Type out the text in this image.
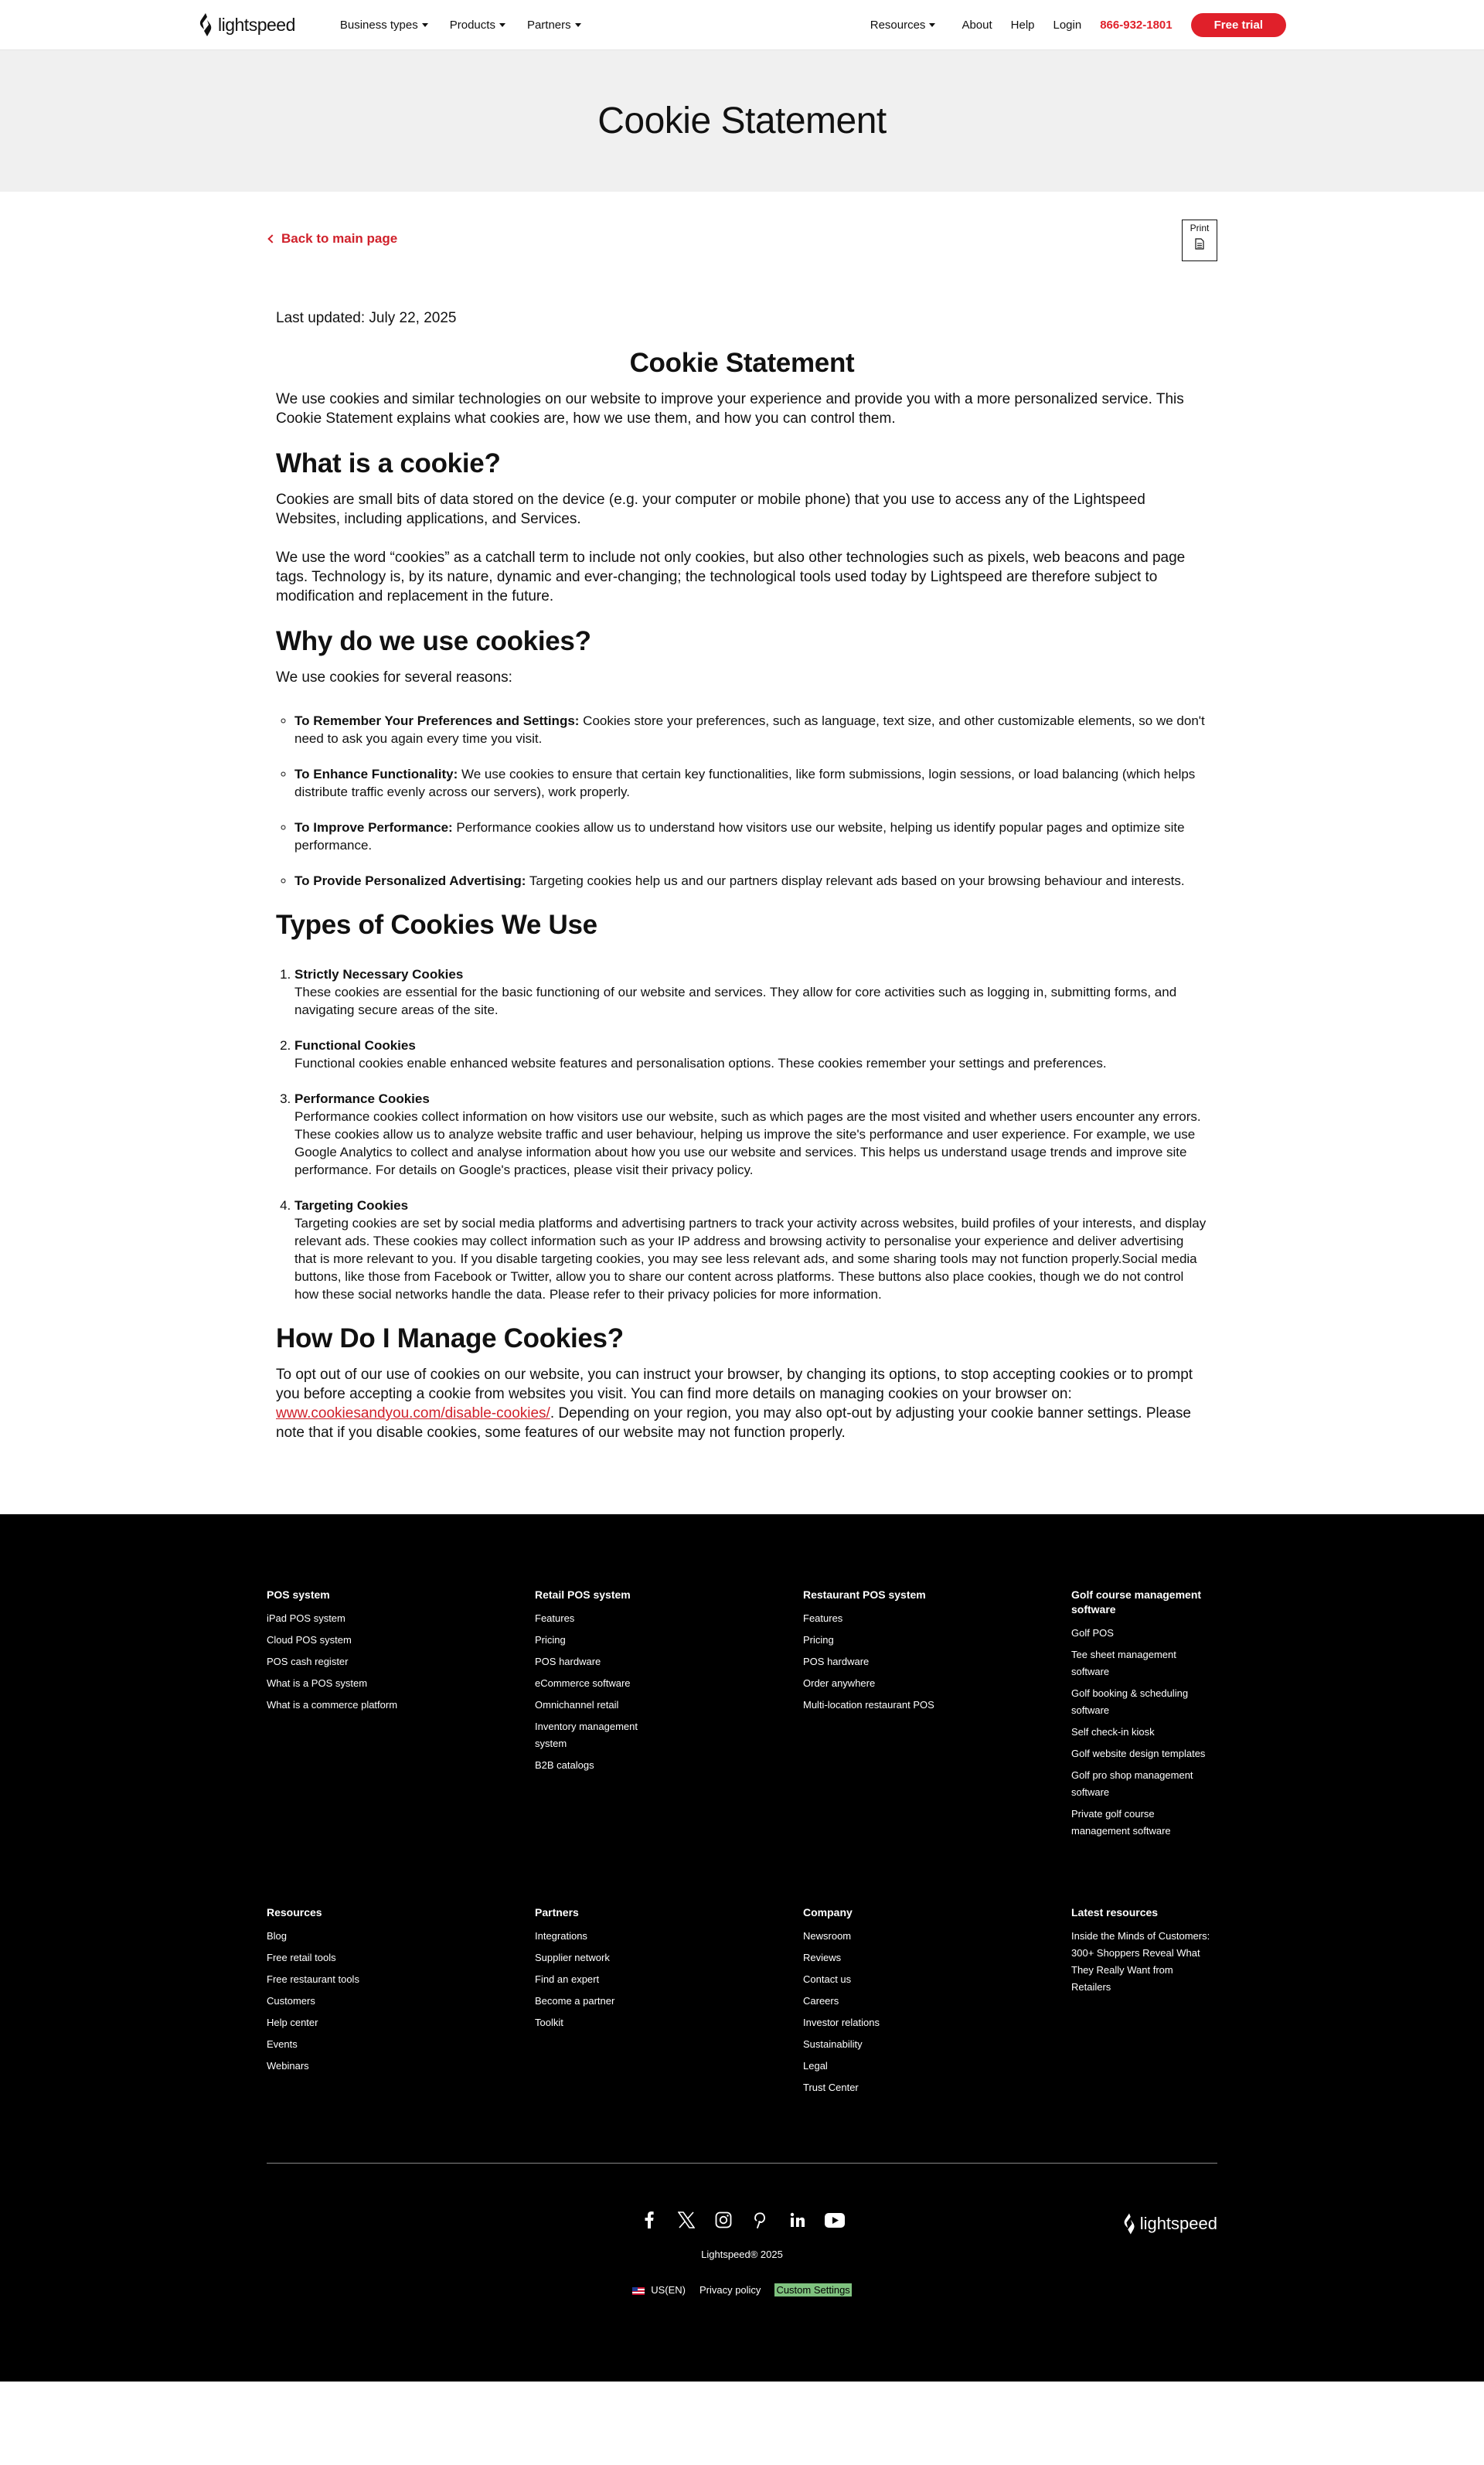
lightspeed	Business types	Products	Partners	Resources	About Help Login 866-932-1801	Free trial
Cookie Statement
Back to main page
Print

Last updated: July 22, 2025

Cookie Statement

We use cookies and similar technologies on our website to improve your experience and provide you with a more personalized service. This Cookie Statement explains what cookies are, how we use them, and how you can control them.

What is a cookie?

Cookies are small bits of data stored on the device (e.g. your computer or mobile phone) that you use to access any of the Lightspeed Websites, including applications, and Services.

We use the word “cookies” as a catchall term to include not only cookies, but also other technologies such as pixels, web beacons and page tags. Technology is, by its nature, dynamic and ever-changing; the technological tools used today by Lightspeed are therefore subject to modification and replacement in the future.

Why do we use cookies?

We use cookies for several reasons:

◦ To Remember Your Preferences and Settings: Cookies store your preferences, such as language, text size, and other customizable elements, so we don't need to ask you again every time you visit.
◦ To Enhance Functionality: We use cookies to ensure that certain key functionalities, like form submissions, login sessions, or load balancing (which helps distribute traffic evenly across our servers), work properly.
◦ To Improve Performance: Performance cookies allow us to understand how visitors use our website, helping us identify popular pages and optimize site performance.
◦ To Provide Personalized Advertising: Targeting cookies help us and our partners display relevant ads based on your browsing behaviour and interests.
Types of Cookies We Use
1. Strictly Necessary Cookies
These cookies are essential for the basic functioning of our website and services. They allow for core activities such as logging in, submitting forms, and navigating secure areas of the site.
2. Functional Cookies
Functional cookies enable enhanced website features and personalisation options. These cookies remember your settings and preferences.
3. Performance Cookies
Performance cookies collect information on how visitors use our website, such as which pages are the most visited and whether users encounter any errors. These cookies allow us to analyze website traffic and user behaviour, helping us improve the site's performance and user experience. For example, we use Google Analytics to collect and analyse information about how you use our website and services. This helps us understand usage trends and improve site performance. For details on Google's practices, please visit their privacy policy.
4. Targeting Cookies
Targeting cookies are set by social media platforms and advertising partners to track your activity across websites, build profiles of your interests, and display relevant ads. These cookies may collect information such as your IP address and browsing activity to personalise your experience and deliver advertising that is more relevant to you. If you disable targeting cookies, you may see less relevant ads, and some sharing tools may not function properly.Social media buttons, like those from Facebook or Twitter, allow you to share our content across platforms. These buttons also place cookies, though we do not control how these social networks handle the data. Please refer to their privacy policies for more information.
How Do I Manage Cookies?

To opt out of our use of cookies on our website, you can instruct your browser, by changing its options, to stop accepting cookies or to prompt you before accepting a cookie from websites you visit. You can find more details on managing cookies on your browser on: www.cookiesandyou.com/disable-cookies/. Depending on your region, you may also opt-out by adjusting your cookie banner settings. Please note that if you disable cookies, some features of our website may not function properly.

POS system
iPad POS system
Cloud POS system
POS cash register
What is a POS system
What is a commerce platform
Retail POS system
Features
Pricing
POS hardware
eCommerce software
Omnichannel retail
Inventory management system
B2B catalogs
Restaurant POS system
Features
Pricing
POS hardware
Order anywhere
Multi-location restaurant POS
Golf course management software
Golf POS
Tee sheet management software
Golf booking & scheduling software
Self check-in kiosk
Golf website design templates
Golf pro shop management software
Private golf course management software
Resources
Blog
Free retail tools
Free restaurant tools
Customers
Help center
Events
Webinars
Partners
Integrations
Supplier network
Find an expert
Become a partner
Toolkit
Company
Newsroom
Reviews
Contact us
Careers
Investor relations
Sustainability
Legal
Trust Center
Latest resources
Inside the Minds of Customers: 300+ Shoppers Reveal What They Really Want from Retailers
Lightspeed® 2025
US(EN) Privacy policy Custom Settings
lightspeed
